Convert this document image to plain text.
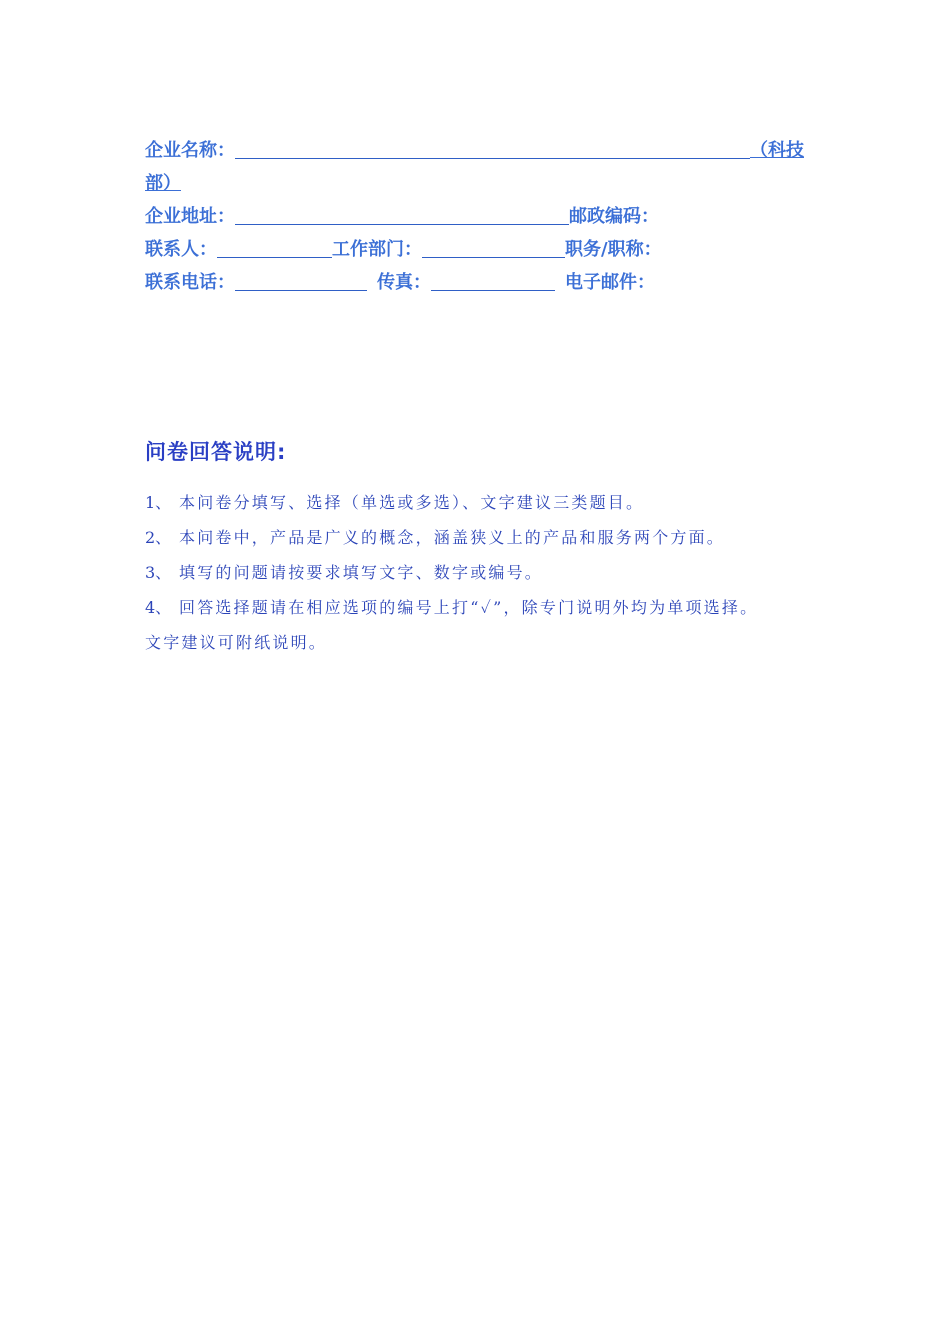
企业名称：	（科技
部）
企业地址：	邮政编码：
联系人：	工作部门：	职务/职称：
联系电话：	传真：	电子邮件：
问卷回答说明:
1、 本问卷分填写、选择（单选或多选）、文字建议三类题目。
2、 本问卷中，产品是广义的概念，涵盖狭义上的产品和服务两个方面。
3、 填写的问题请按要求填写文字、数字或编号。
4、 回答选择题请在相应选项的编号上打“✓”，除专门说明外均为单项选择。
文字建议可附纸说明。
